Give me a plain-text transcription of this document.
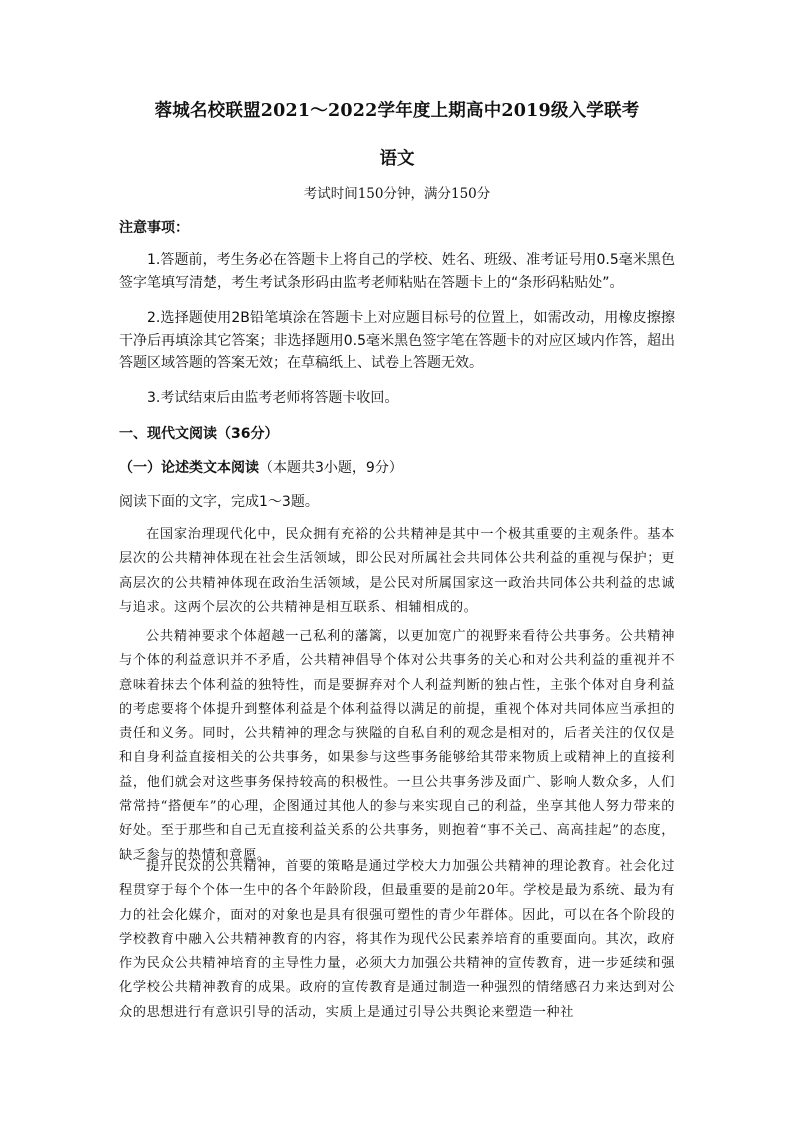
蓉城名校联盟2021～2022学年度上期高中2019级入学联考
语文
考试时间150分钟，满分150分
注意事项：
1.答题前，考生务必在答题卡上将自己的学校、姓名、班级、准考证号用0.5毫米黑色签字笔填写清楚，考生考试条形码由监考老师粘贴在答题卡上的“条形码粘贴处”。
2.选择题使用2B铅笔填涂在答题卡上对应题目标号的位置上，如需改动，用橡皮擦擦干净后再填涂其它答案；非选择题用0.5毫米黑色签字笔在答题卡的对应区域内作答，超出答题区域答题的答案无效；在草稿纸上、试卷上答题无效。
3.考试结束后由监考老师将答题卡收回。
一、现代文阅读（36分）
（一）论述类文本阅读（本题共3小题，9分）
阅读下面的文字，完成1～3题。
在国家治理现代化中，民众拥有充裕的公共精神是其中一个极其重要的主观条件。基本层次的公共精神体现在社会生活领域，即公民对所属社会共同体公共利益的重视与保护；更高层次的公共精神体现在政治生活领域，是公民对所属国家这一政治共同体公共利益的忠诚与追求。这两个层次的公共精神是相互联系、相辅相成的。
公共精神要求个体超越一己私利的藩篱，以更加宽广的视野来看待公共事务。公共精神与个体的利益意识并不矛盾，公共精神倡导个体对公共事务的关心和对公共利益的重视并不意味着抹去个体利益的独特性，而是要摒弃对个人利益判断的独占性，主张个体对自身利益的考虑要将个体提升到整体利益是个体利益得以满足的前提，重视个体对共同体应当承担的责任和义务。同时，公共精神的理念与狭隘的自私自利的观念是相对的，后者关注的仅仅是和自身利益直接相关的公共事务，如果参与这些事务能够给其带来物质上或精神上的直接利益，他们就会对这些事务保持较高的积极性。一旦公共事务涉及面广、影响人数众多，人们常常持“搭便车”的心理，企图通过其他人的参与来实现自己的利益，坐享其他人努力带来的好处。至于那些和自己无直接利益关系的公共事务，则抱着“事不关己、高高挂起”的态度，缺乏参与的热情和意愿。
提升民众的公共精神，首要的策略是通过学校大力加强公共精神的理论教育。社会化过程贯穿于每个个体一生中的各个年龄阶段，但最重要的是前20年。学校是最为系统、最为有力的社会化媒介，面对的对象也是具有很强可塑性的青少年群体。因此，可以在各个阶段的学校教育中融入公共精神教育的内容，将其作为现代公民素养培育的重要面向。其次，政府作为民众公共精神培育的主导性力量，必须大力加强公共精神的宣传教育，进一步延续和强化学校公共精神教育的成果。政府的宣传教育是通过制造一种强烈的情绪感召力来达到对公众的思想进行有意识引导的活动，实质上是通过引导公共舆论来塑造一种社
